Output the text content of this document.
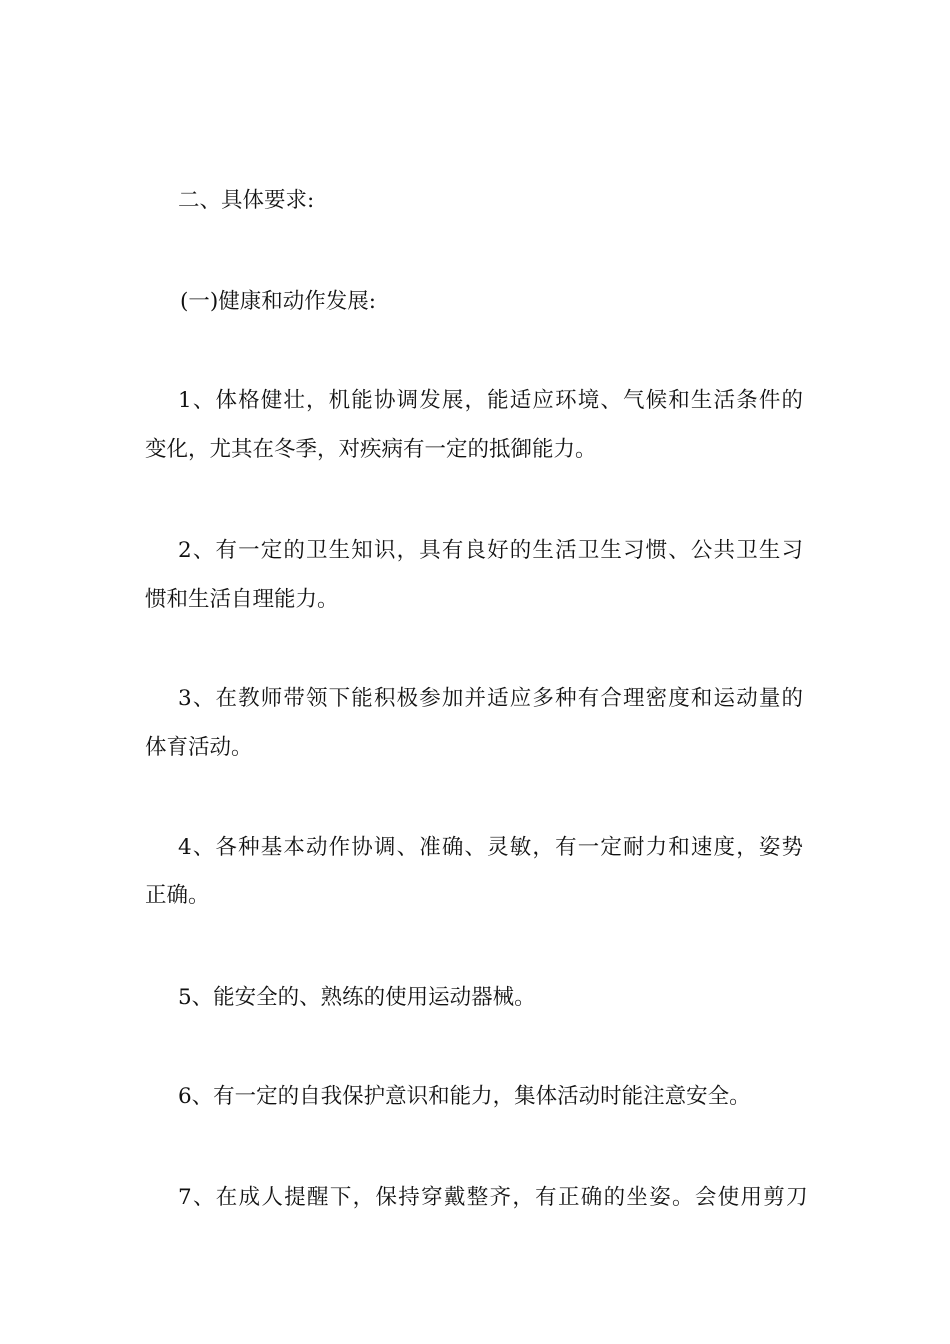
二、具体要求:
(一)健康和动作发展:
1 、 体 格 健 壮 ， 机 能 协 调 发 展 ， 能 适 应 环 境 、 气 候 和 生 活 条 件 的
变化，尤其在冬季，对疾病有一定的抵御能力。
2 、 有 一 定 的 卫 生 知 识 ， 具 有 良 好 的 生 活 卫 生 习 惯 、 公 共 卫 生 习
惯和生活自理能力。
3 、 在 教 师 带 领 下 能 积 极 参 加 并 适 应 多 种 有 合 理 密 度 和 运 动 量 的
体育活动。
4 、 各 种 基 本 动 作 协 调 、 准 确 、 灵 敏 ， 有 一 定 耐 力 和 速 度 ， 姿 势
正确。
5、能安全的、熟练的使用运动器械。
6、有一定的自我保护意识和能力，集体活动时能注意安全。
7 、 在 成 人 提 醒 下 ， 保 持 穿 戴 整 齐 ， 有 正 确 的 坐 姿 。 会 使 用 剪 刀
